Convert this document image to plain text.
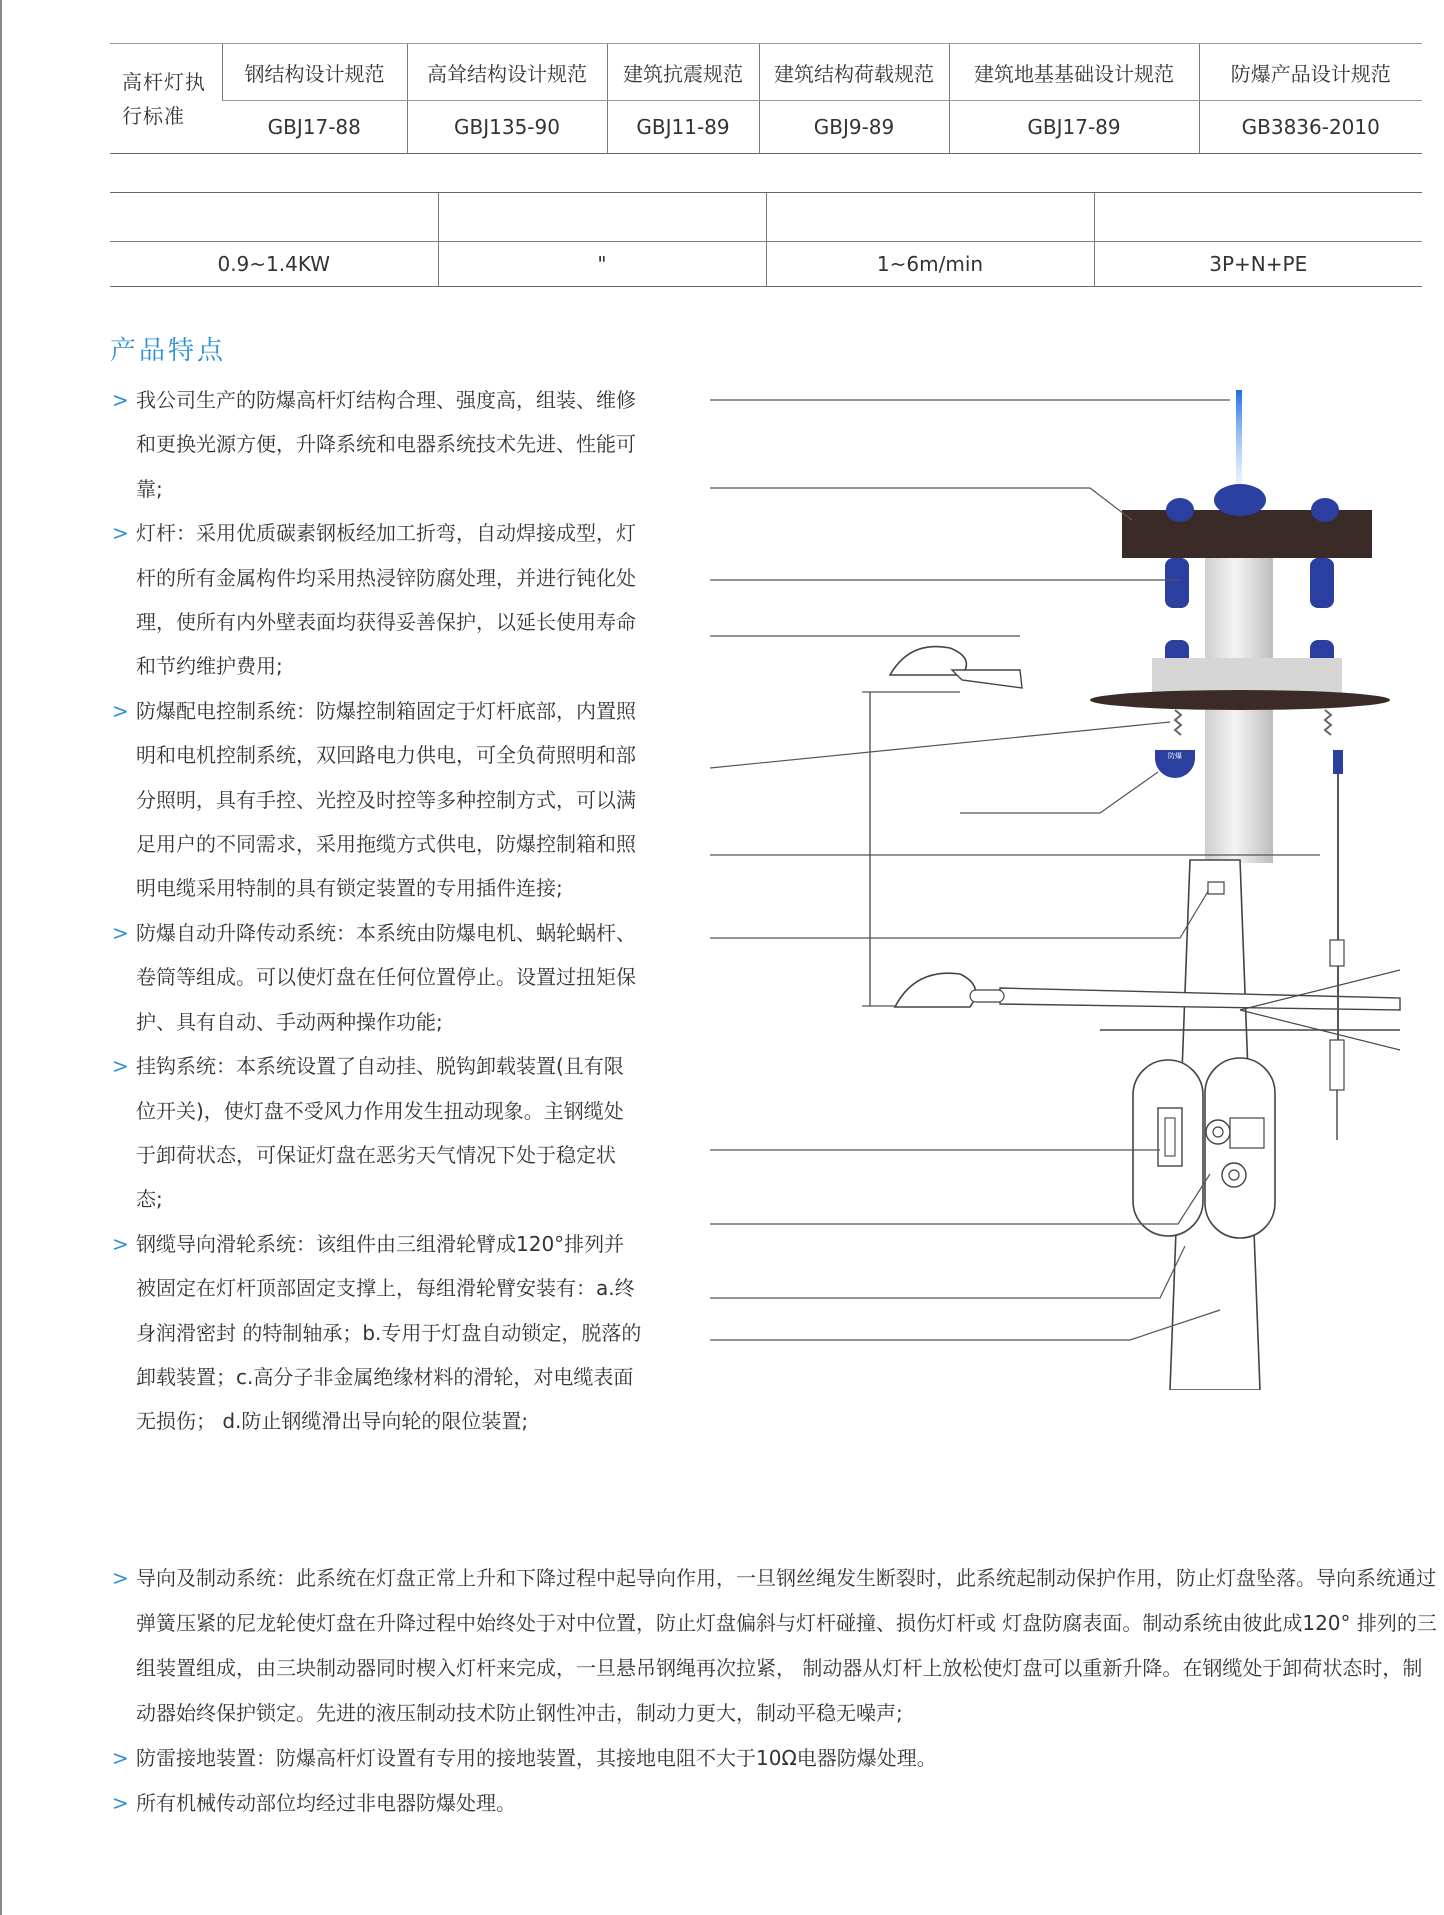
高杆灯执行标准	钢结构设计规范	高耸结构设计规范	建筑抗震规范	建筑结构荷载规范	建筑地基基础设计规范	防爆产品设计规范
	GBJ17-88	GBJ135-90	GBJ11-89	GBJ9-89	GBJ17-89	GB3836-2010

0.9~1.4KW	"	1~6m/min	3P+N+PE
产品特点
> 我公司生产的防爆高杆灯结构合理、强度高，组装、维修和更换光源方便，升降系统和电器系统技术先进、性能可靠;
> 灯杆：采用优质碳素钢板经加工折弯，自动焊接成型，灯杆的所有金属构件均采用热浸锌防腐处理，并进行钝化处理，使所有内外壁表面均获得妥善保护，以延长使用寿命和节约维护费用;
> 防爆配电控制系统：防爆控制箱固定于灯杆底部，内置照明和电机控制系统，双回路电力供电，可全负荷照明和部分照明，具有手控、光控及时控等多种控制方式，可以满足用户的不同需求，采用拖缆方式供电，防爆控制箱和照明电缆采用特制的具有锁定装置的专用插件连接;
> 防爆自动升降传动系统：本系统由防爆电机、蜗轮蜗杆、卷筒等组成。可以使灯盘在任何位置停止。设置过扭矩保护、具有自动、手动两种操作功能;
> 挂钩系统：本系统设置了自动挂、脱钩卸载装置(且有限位开关)，使灯盘不受风力作用发生扭动现象。主钢缆处于卸荷状态，可保证灯盘在恶劣天气情况下处于稳定状态;
> 钢缆导向滑轮系统：该组件由三组滑轮臂成120°排列并被固定在灯杆顶部固定支撑上，每组滑轮臂安装有：a.终身润滑密封 的特制轴承；b.专用于灯盘自动锁定，脱落的卸载装置；c.高分子非金属绝缘材料的滑轮，对电缆表面无损伤； d.防止钢缆滑出导向轮的限位装置;
> 导向及制动系统：此系统在灯盘正常上升和下降过程中起导向作用，一旦钢丝绳发生断裂时，此系统起制动保护作用，防止灯盘坠落。导向系统通过弹簧压紧的尼龙轮使灯盘在升降过程中始终处于对中位置，防止灯盘偏斜与灯杆碰撞、损伤灯杆或 灯盘防腐表面。制动系统由彼此成120° 排列的三组装置组成，由三块制动器同时楔入灯杆来完成，一旦悬吊钢绳再次拉紧， 制动器从灯杆上放松使灯盘可以重新升降。在钢缆处于卸荷状态时，制动器始终保护锁定。先进的液压制动技术防止钢性冲击，制动力更大，制动平稳无噪声;
> 防雷接地装置：防爆高杆灯设置有专用的接地装置，其接地电阻不大于10Ω电器防爆处理。
> 所有机械传动部位均经过非电器防爆处理。
防爆
